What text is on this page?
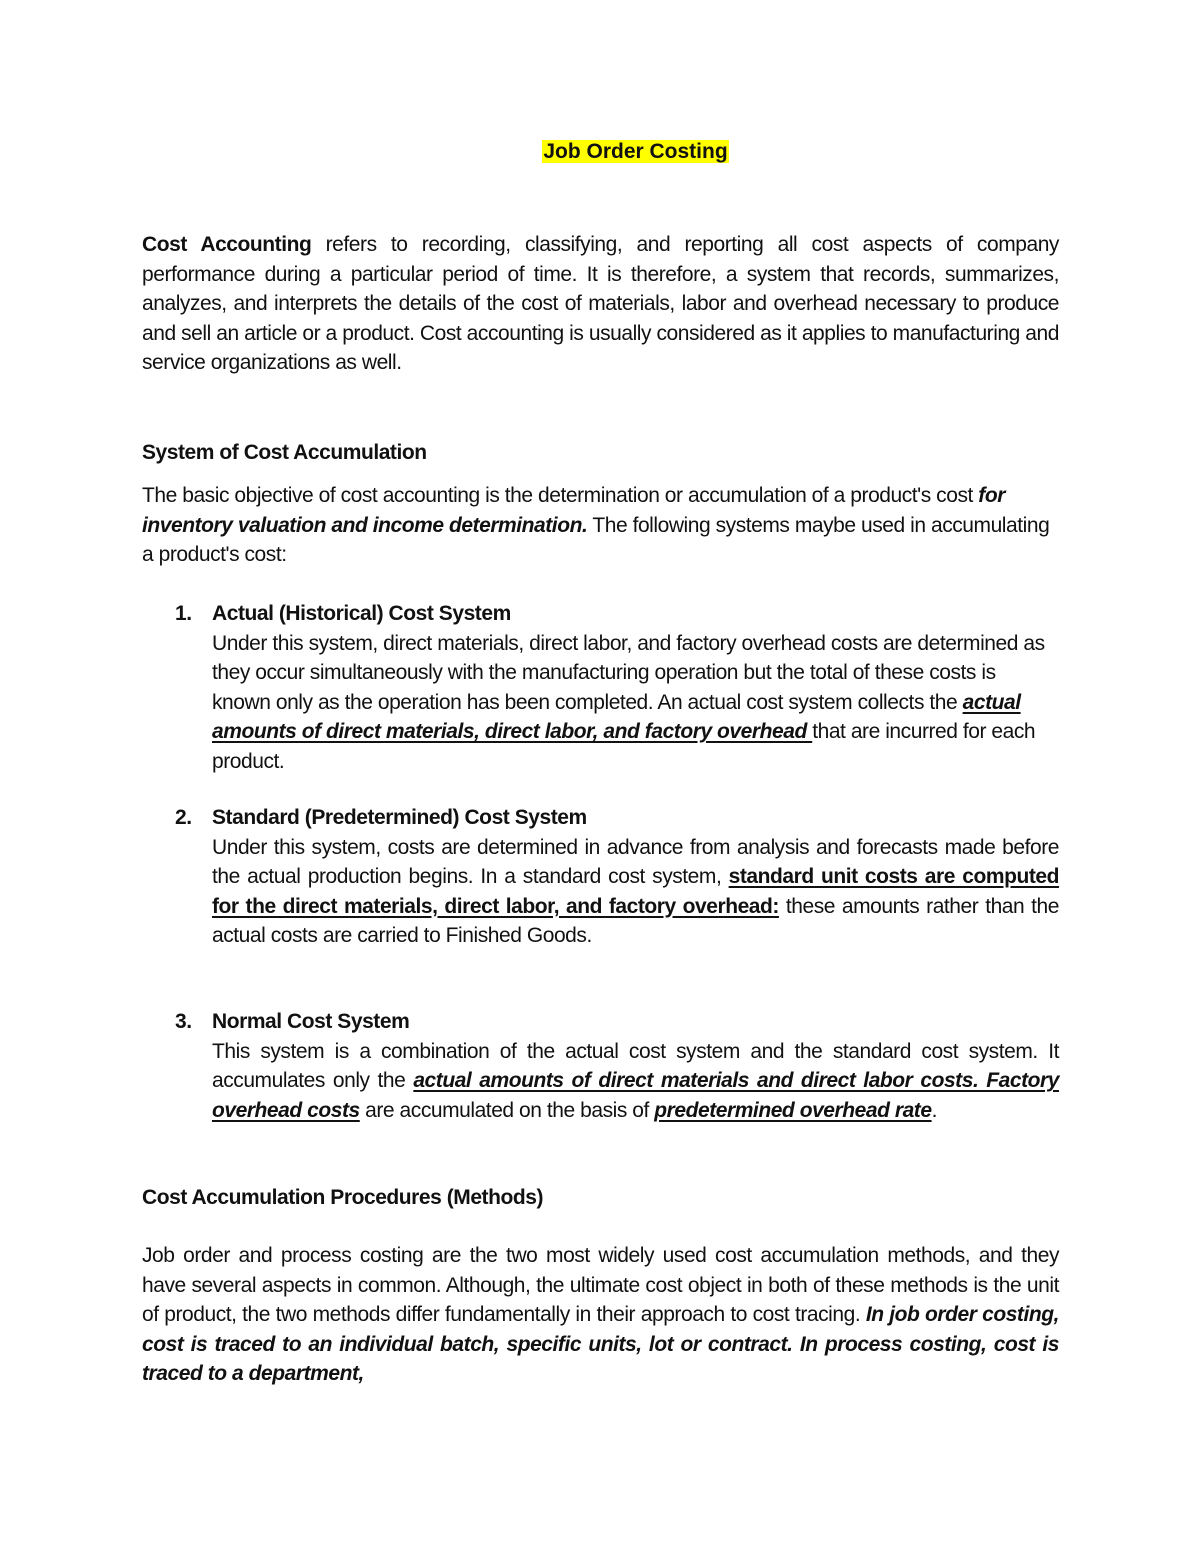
Job Order Costing
Cost Accounting refers to recording, classifying, and reporting all cost aspects of company performance during a particular period of time. It is therefore, a system that records, summarizes, analyzes, and interprets the details of the cost of materials, labor and overhead necessary to produce and sell an article or a product. Cost accounting is usually considered as it applies to manufacturing and service organizations as well.
System of Cost Accumulation
The basic objective of cost accounting is the determination or accumulation of a product's cost for inventory valuation and income determination. The following systems maybe used in accumulating a product's cost:
1. Actual (Historical) Cost System
Under this system, direct materials, direct labor, and factory overhead costs are determined as they occur simultaneously with the manufacturing operation but the total of these costs is known only as the operation has been completed. An actual cost system collects the actual amounts of direct materials, direct labor, and factory overhead that are incurred for each product.
2. Standard (Predetermined) Cost System
Under this system, costs are determined in advance from analysis and forecasts made before the actual production begins. In a standard cost system, standard unit costs are computed for the direct materials, direct labor, and factory overhead: these amounts rather than the actual costs are carried to Finished Goods.
3. Normal Cost System
This system is a combination of the actual cost system and the standard cost system. It accumulates only the actual amounts of direct materials and direct labor costs. Factory overhead costs are accumulated on the basis of predetermined overhead rate.
Cost Accumulation Procedures (Methods)
Job order and process costing are the two most widely used cost accumulation methods, and they have several aspects in common. Although, the ultimate cost object in both of these methods is the unit of product, the two methods differ fundamentally in their approach to cost tracing. In job order costing, cost is traced to an individual batch, specific units, lot or contract. In process costing, cost is traced to a department,
